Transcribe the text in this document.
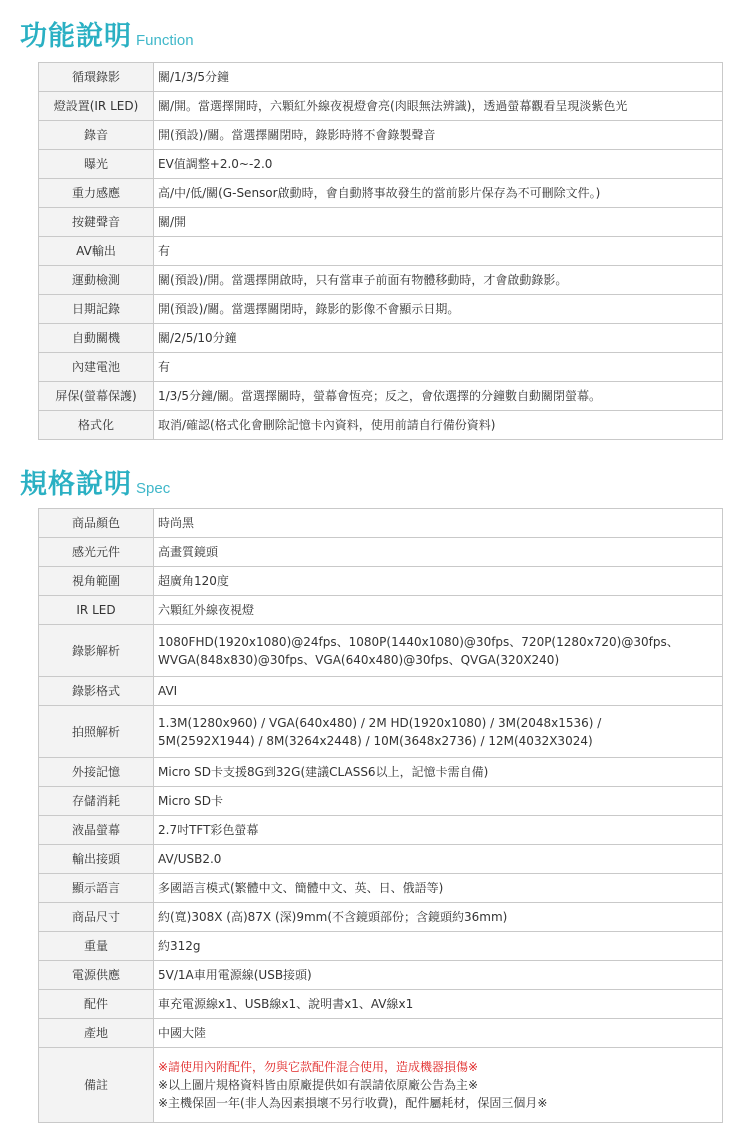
功能說明 Function
循環錄影	關/1/3/5分鐘
燈設置(IR LED)	關/開。當選擇開時，六顆紅外線夜視燈會亮(肉眼無法辨識)，透過螢幕觀看呈現淡紫色光
錄音	開(預設)/關。當選擇關閉時，錄影時將不會錄製聲音
曝光	EV值調整+2.0~-2.0
重力感應	高/中/低/關(G-Sensor啟動時，會自動將事故發生的當前影片保存為不可刪除文件。)
按鍵聲音	關/開
AV輸出	有
運動檢測	關(預設)/開。當選擇開啟時，只有當車子前面有物體移動時，才會啟動錄影。
日期記錄	開(預設)/關。當選擇關閉時，錄影的影像不會顯示日期。
自動關機	關/2/5/10分鐘
內建電池	有
屏保(螢幕保護)	1/3/5分鐘/關。當選擇關時，螢幕會恆亮；反之，會依選擇的分鐘數自動關閉螢幕。
格式化	取消/確認(格式化會刪除記憶卡內資料，使用前請自行備份資料)
規格說明 Spec
商品顏色	時尚黑

感光元件	高畫質鏡頭

視角範圍	超廣角120度

IR LED	六顆紅外線夜視燈

錄影解析	1080FHD(1920x1080)@24fps、1080P(1440x1080)@30fps、720P(1280x720)@30fps、
WVGA(848x830)@30fps、VGA(640x480)@30fps、QVGA(320X240)

錄影格式	AVI

拍照解析	1.3M(1280x960) / VGA(640x480) / 2M HD(1920x1080) / 3M(2048x1536) /
5M(2592X1944) / 8M(3264x2448) / 10M(3648x2736) / 12M(4032X3024)

外接記憶	Micro SD卡支援8G到32G(建議CLASS6以上，記憶卡需自備)

存儲消耗	Micro SD卡

液晶螢幕	2.7吋TFT彩色螢幕

輸出接頭	AV/USB2.0

顯示語言	多國語言模式(繁體中文、簡體中文、英、日、俄語等)

商品尺寸	約(寬)308X (高)87X (深)9mm(不含鏡頭部份；含鏡頭約36mm)

重量	約312g

電源供應	5V/1A車用電源線(USB接頭)

配件	車充電源線x1、USB線x1、說明書x1、AV線x1

產地	中國大陸

備註	※請使用內附配件，勿與它款配件混合使用，造成機器損傷※
※以上圖片規格資料皆由原廠提供如有誤請依原廠公告為主※
※主機保固一年(非人為因素損壞不另行收費)，配件屬耗材，保固三個月※
